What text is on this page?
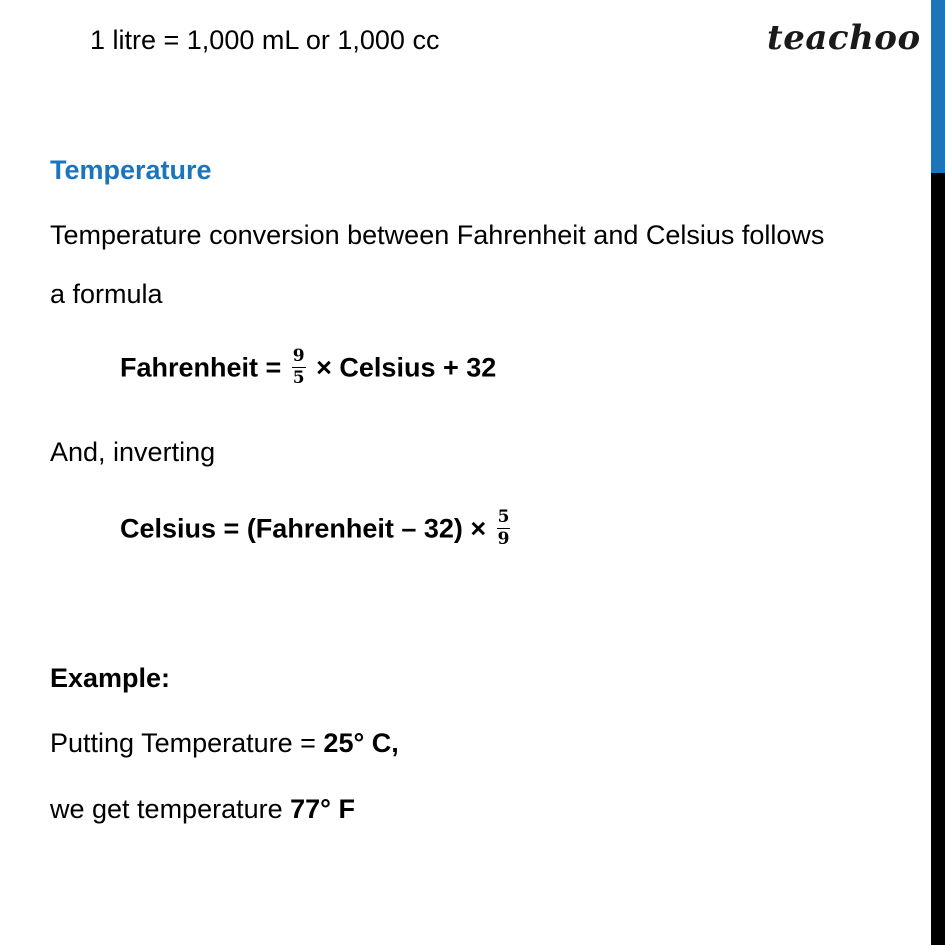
teachoo
1 litre = 1,000 mL or 1,000 cc
Temperature
Temperature conversion between Fahrenheit and Celsius follows
a formula
Fahrenheit = $\frac{9}{5}$ × Celsius + 32
And, inverting
Celsius = (Fahrenheit – $32) \times \frac{5}{9}$
Example:
Putting Temperature = 25° C,
we get temperature 77° F
